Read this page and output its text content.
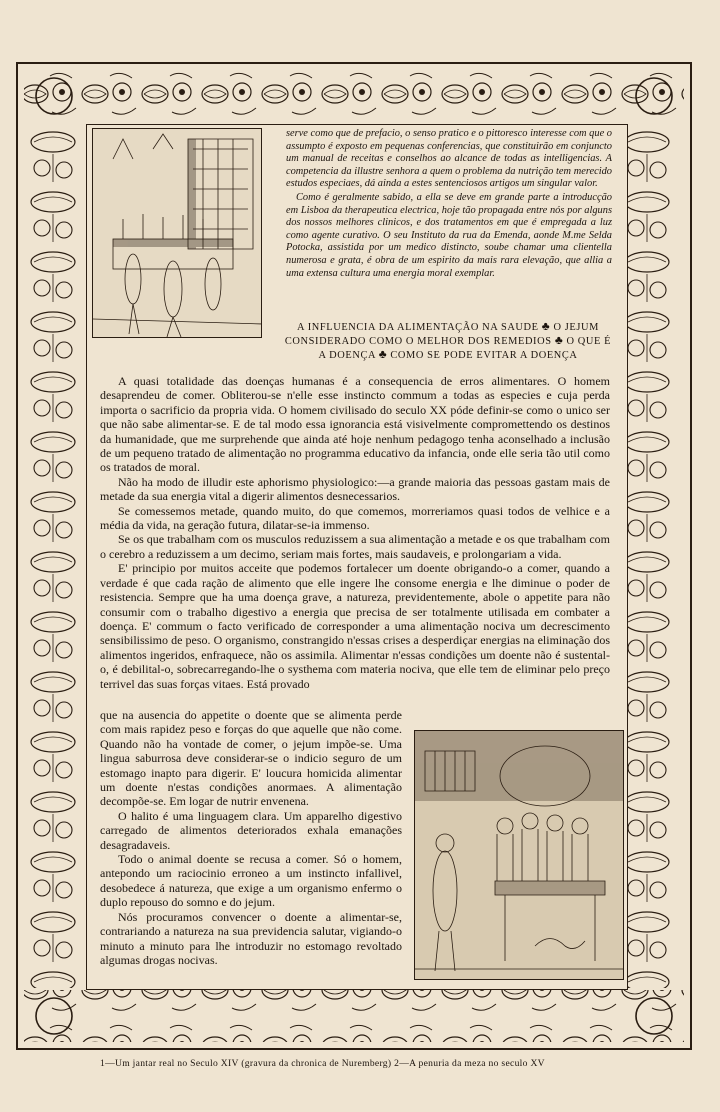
serve como que de prefacio, o senso pratico e o pittoresco interesse com que o assumpto é exposto em pequenas conferencias, que constituirão em conjuncto um manual de receitas e conselhos ao alcance de todas as intelligencias. A competencia da illustre senhora a quem o problema da nutrição tem merecido estudos especiaes, dá ainda a estes sentenciosos artigos um singular valor.

Como é geralmente sabido, a ella se deve em grande parte a introducção em Lisboa da therapeutica electrica, hoje tão propagada entre nós por alguns dos nossos melhores clinicos, e dos tratamentos em que é empregada a luz como agente curativo. O seu Instituto da rua da Emenda, aonde M.me Selda Potocka, assistida por um medico distincto, soube chamar uma clientella numerosa e grata, é obra de um espirito da mais rara elevação, que allia a uma extensa cultura uma energia moral exemplar.

A INFLUENCIA DA ALIMENTAÇÃO NA SAUDE ♣ O JEJUM CONSIDERADO COMO O MELHOR DOS REMEDIOS ♣ O QUE É A DOENÇA ♣ COMO SE PODE EVITAR A DOENÇA

A quasi totalidade das doenças humanas é a consequencia de erros alimentares. O homem desaprendeu de comer. Obliterou-se n'elle esse instincto commum a todas as especies e cuja perda importa o sacrificio da propria vida. O homem civilisado do seculo XX póde definir-se como o unico ser que não sabe alimentar-se. E de tal modo essa ignorancia está visivelmente compromettendo os destinos da humanidade, que me surprehende que ainda até hoje nenhum pedagogo tenha aconselhado a inclusão de um pequeno tratado de alimentação no programma educativo da infancia, onde elle seria tão util como os tratados de moral.

Não ha modo de illudir este aphorismo physiologico:—a grande maioria das pessoas gastam mais de metade da sua energia vital a digerir alimentos desnecessarios.

Se comessemos metade, quando muito, do que comemos, morreriamos quasi todos de velhice e a média da vida, na geração futura, dilatar-se-ia immenso.

Se os que trabalham com os musculos reduzissem a sua alimentação a metade e os que trabalham com o cerebro a reduzissem a um decimo, seriam mais fortes, mais saudaveis, e prolongariam a vida.

E' principio por muitos acceite que podemos fortalecer um doente obrigando-o a comer, quando a verdade é que cada ração de alimento que elle ingere lhe consome energia e lhe diminue o poder de resistencia. Sempre que ha uma doença grave, a natureza, previdentemente, abole o appetite para não consumir com o trabalho digestivo a energia que precisa de ser totalmente utilisada em combater a doença. E' commum o facto verificado de corresponder a uma alimentação nociva um decrescimento sensibilissimo de peso. O organismo, constrangido n'essas crises a desperdiçar energias na eliminação dos alimentos ingeridos, enfraquece, não os assimila. Alimentar n'essas condições um doente não é sustental-o, é debilital-o, sobrecarregando-lhe o systhema com materia nociva, que elle tem de eliminar pelo preço terrivel das suas forças vitaes. Está provado

que na ausencia do appetite o doente que se alimenta perde com mais rapidez peso e forças do que aquelle que não come. Quando não ha vontade de comer, o jejum impõe-se. Uma lingua saburrosa deve considerar-se o indicio seguro de um estomago inapto para digerir. E' loucura homicida alimentar um doente n'estas condições anormaes. A alimentação decompõe-se. Em logar de nutrir envenena.

O halito é uma linguagem clara. Um apparelho digestivo carregado de alimentos deteriorados exhala emanações desagradaveis.

Todo o animal doente se recusa a comer. Só o homem, antepondo um raciocinio erroneo a um instincto infallivel, desobedece á natureza, que exige a um organismo enfermo o duplo repouso do somno e do jejum.

Nós procuramos convencer o doente a alimentar-se, contrariando a natureza na sua previdencia salutar, vigiando-o minuto a minuto para lhe introduzir no estomago revoltado algumas drogas nocivas.

1—Um jantar real no Seculo XIV (gravura da chronica de Nuremberg) 2—A penuria da meza no seculo XV
